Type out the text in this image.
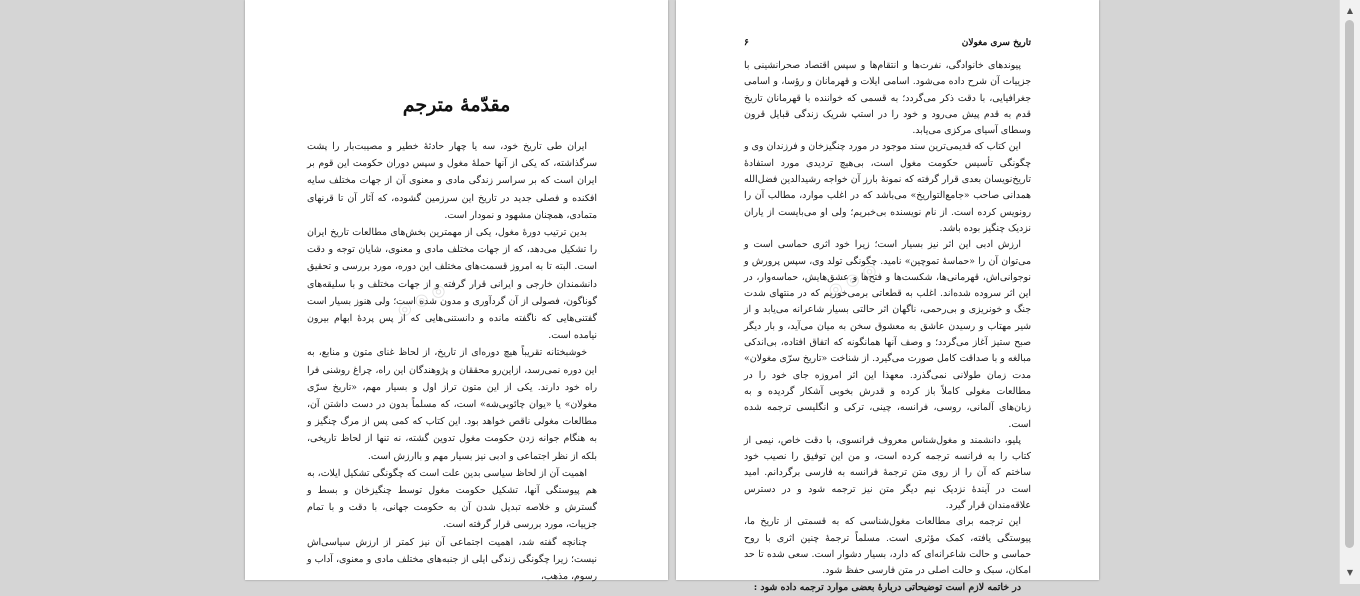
مقدّمهٔ مترجم

ایران طی تاریخ خود، سه یا چهار حادثهٔ خطیر و مصیبت‌بار را پشت سرگذاشته، که یکی از آنها حملهٔ مغول و سپس دوران حکومت این قوم بر ایران است که بر سراسر زندگی مادی و معنوی آن از جهات مختلف سایه افکنده و فصلی جدید در تاریخ این سرزمین گشوده، که آثار آن تا قرنهای متمادی، همچنان مشهود و نمودار است.

بدین ترتیب دورهٔ مغول، یکی از مهمترین بخش‌های مطالعات تاریخ ایران را تشکیل می‌دهد، که از جهات مختلف مادی و معنوی، شایان توجه و دقت است. البته تا به امروز قسمت‌های مختلف این دوره، مورد بررسی و تحقیق دانشمندان خارجی و ایرانی قرار گرفته و از جهات مختلف و با سلیقه‌های گوناگون، فصولی از آن گردآوری و مدون شده است؛ ولی هنوز بسیار است گفتنی‌هایی که ناگفته مانده و دانستنی‌هایی که از پس پردهٔ ابهام بیرون نیامده است.

خوشبختانه تقریباً هیچ دوره‌ای از تاریخ، از لحاظ غنای متون و منابع، به این دوره نمی‌رسد، ازاین‌رو محققان و پژوهندگان این راه، چراغ روشنی فرا راه خود دارند. یکی از این متون تراز اول و بسیار مهم، «تاریخ سرّی مغولان» یا «یوان چائوبی‌شه» است، که مسلماً بدون در دست داشتن آن، مطالعات مغولی ناقص خواهد بود. این کتاب که کمی پس از مرگ چنگیز و به هنگام جوانه زدن حکومت مغول تدوین گشته، نه تنها از لحاظ تاریخی، بلکه از نظر اجتماعی و ادبی نیز بسیار مهم و باارزش است.

اهمیت آن از لحاظ سیاسی بدین علت است که چگونگی تشکیل ایلات، به هم پیوستگی آنها، تشکیل حکومت مغول توسط چنگیزخان و بسط و گسترش و خلاصه تبدیل شدن آن به حکومت جهانی، با دقت و با تمام جزییات، مورد بررسی قرار گرفته است.

چنانچه گفته شد، اهمیت اجتماعی آن نیز کمتر از ارزش سیاسی‌اش نیست؛ زیرا چگونگی زندگی ایلی از جنبه‌های مختلف مادی و معنوی، آداب و رسوم، مذهب،

◎ ◎ ◎
۶	تاریخ سری مغولان

پیوندهای خانوادگی، نفرت‌ها و انتقام‌ها و سپس اقتصاد صحرانشینی با جزییات آن شرح داده می‌شود. اسامی ایلات و قهرمانان و رؤسا، و اسامی جغرافیایی، با دقت ذکر می‌گردد؛ به قسمی که خواننده با قهرمانان تاریخ قدم به قدم پیش می‌رود و خود را در استپ شریک زندگی قبایل قرون وسطای آسیای مرکزی می‌یابد.

این کتاب که قدیمی‌ترین سند موجود در مورد چنگیزخان و فرزندان وی و چگونگی تأسیس حکومت مغول است، بی‌هیچ تردیدی مورد استفادهٔ تاریخ‌نویسان بعدی قرار گرفته که نمونهٔ بارز آن خواجه رشیدالدین فضل‌الله همدانی صاحب «جامع‌التواریخ» می‌باشد که در اغلب موارد، مطالب آن را رونویس کرده است. از نام نویسنده بی‌خبریم؛ ولی او می‌بایست از یاران نزدیک چنگیز بوده باشد.

ارزش ادبی این اثر نیز بسیار است؛ زیرا خود اثری حماسی است و می‌توان آن را «حماسهٔ تموچین» نامید. چگونگی تولد وی، سپس پرورش و نوجوانی‌اش، قهرمانی‌ها، شکست‌ها و فتح‌ها و عشق‌هایش، حماسه‌وار، در این اثر سروده شده‌اند. اغلب به قطعاتی برمی‌خوریم که در منتهای شدت جنگ و خونریزی و بی‌رحمی، ناگهان اثر حالتی بسیار شاعرانه می‌یابد و از شیر مهتاب و رسیدن عاشق به معشوق سخن به میان می‌آید، و بار دیگر صبح ستیز آغاز می‌گردد؛ و وصف آنها همانگونه که اتفاق افتاده، بی‌اندکی مبالغه و با صداقت کامل صورت می‌گیرد. از شناخت «تاریخ سرّی مغولان» مدت زمان طولانی نمی‌گذرد. معهذا این اثر امروزه جای خود را در مطالعات مغولی کاملاً باز کرده و قدرش بخوبی آشکار گردیده و به زبان‌های آلمانی، روسی، فرانسه، چینی، ترکی و انگلیسی ترجمه شده است.

پلیو، دانشمند و مغول‌شناس معروف فرانسوی، با دقت خاص، نیمی از کتاب را به فرانسه ترجمه کرده است، و من این توفیق را نصیب خود ساختم که آن را از روی متن ترجمهٔ فرانسه به فارسی برگردانم. امید است در آیندهٔ نزدیک نیم دیگر متن نیز ترجمه شود و در دسترس علاقه‌مندان قرار گیرد.

این ترجمه برای مطالعات مغول‌شناسی که به قسمتی از تاریخ ما، پیوستگی یافته، کمک مؤثری است. مسلماً ترجمهٔ چنین اثری با روح حماسی و حالت شاعرانه‌ای که دارد، بسیار دشوار است. سعی شده تا حد امکان، سبک و حالت اصلی در متن فارسی حفظ شود.

در خاتمه لازم است توضیحاتی دربارهٔ بعضی موارد ترجمه داده شود :

◎ ◎ ◎
▲
▼
